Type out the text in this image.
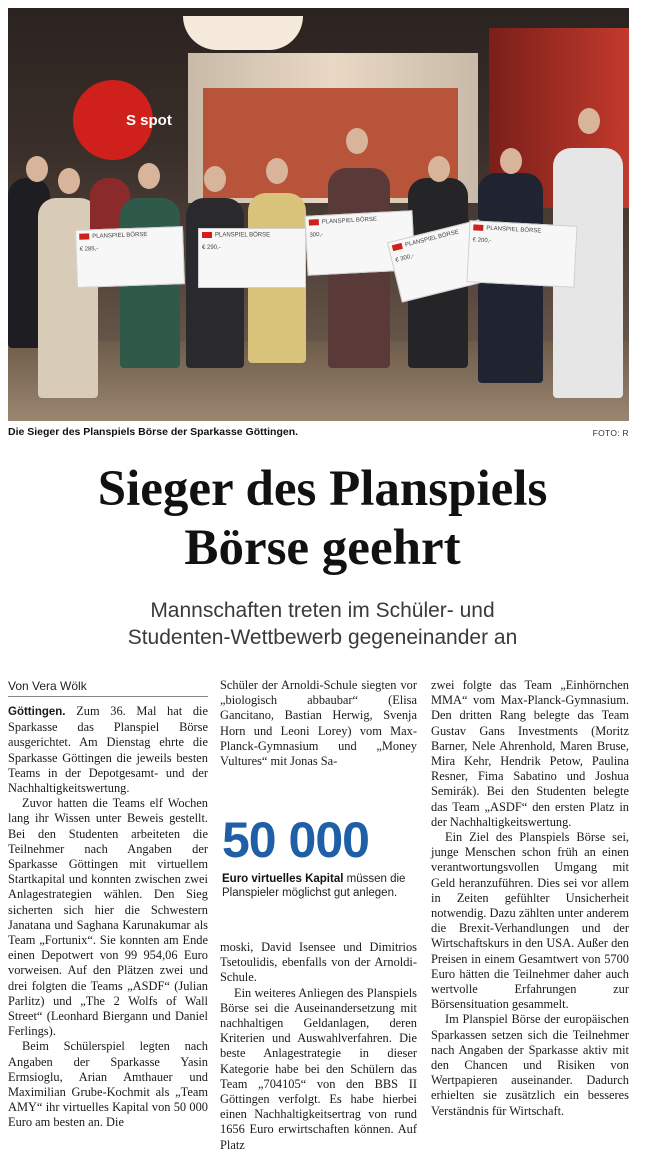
S spot
PLANSPIEL BÖRSE

€ 285,-
PLANSPIEL BÖRSE

€ 290,-
PLANSPIEL BÖRSE

300,-	PLANSPIEL BÖRSE

€ 300,-
PLANSPIEL BÖRSE

€ 200,-
Die Sieger des Planspiels Börse der Sparkasse Göttingen.	FOTO: R
Sieger des Planspiels
Börse geehrt
Mannschaften treten im Schüler- und
Studenten-Wettbewerb gegeneinander an
Von Vera Wölk

Göttingen. Zum 36. Mal hat die Sparkasse das Planspiel Börse ausgerichtet. Am Dienstag ehrte die Sparkasse Göttingen die jeweils besten Teams in der Depotgesamt- und der Nachhaltigkeitswertung.

Zuvor hatten die Teams elf Wochen lang ihr Wissen unter Beweis gestellt. Bei den Studenten arbeiteten die Teilnehmer nach Angaben der Sparkasse Göttingen mit virtuellem Startkapital und konnten zwischen zwei Anlagestrategien wählen. Den Sieg sicherten sich hier die Schwestern Janatana und Saghana Karunakumar als Team „Fortunix“. Sie konnten am Ende einen Depotwert von 99 954,06 Euro vorweisen. Auf den Plätzen zwei und drei folgten die Teams „ASDF“ (Julian Parlitz) und „The 2 Wolfs of Wall Street“ (Leonhard Biergann und Daniel Ferlings).

Beim Schülerspiel legten nach Angaben der Sparkasse Yasin Ermsioglu, Arian Amthauer und Maximilian Grube-Kochmit als „Team AMY“ ihr virtuelles Kapital von 50 000 Euro am besten an. Die

Schüler der Arnoldi-Schule siegten vor „biologisch abbaubar“ (Elisa Gancitano, Bastian Herwig, Svenja Horn und Leoni Lorey) vom Max-Planck-Gymnasium und „Money Vultures“ mit Jonas Sa-

50 000
Euro virtuelles Kapital müssen die Planspieler möglichst gut anlegen.

moski, David Isensee und Dimitrios Tsetoulidis, ebenfalls von der Arnoldi-Schule.

Ein weiteres Anliegen des Planspiels Börse sei die Auseinandersetzung mit nachhaltigen Geldanlagen, deren Kriterien und Auswahlverfahren. Die beste Anlagestrategie in dieser Kategorie habe bei den Schülern das Team „704105“ von den BBS II Göttingen verfolgt. Es habe hierbei einen Nachhaltigkeitsertrag von rund 1656 Euro erwirtschaften können. Auf Platz

zwei folgte das Team „Einhörnchen MMA“ vom Max-Planck-Gymnasium. Den dritten Rang belegte das Team Gustav Gans Investments (Moritz Barner, Nele Ahrenhold, Maren Bruse, Mira Kehr, Hendrik Petow, Paulina Resner, Fima Sabatino und Joshua Semirák). Bei den Studenten belegte das Team „ASDF“ den ersten Platz in der Nachhaltigkeitswertung.

Ein Ziel des Planspiels Börse sei, junge Menschen schon früh an einen verantwortungsvollen Umgang mit Geld heranzuführen. Dies sei vor allem in Zeiten gefühlter Unsicherheit notwendig. Dazu zählten unter anderem die Brexit-Verhandlungen und der Wirtschaftskurs in den USA. Außer den Preisen in einem Gesamtwert von 5700 Euro hätten die Teilnehmer daher auch wertvolle Erfahrungen zur Börsensituation gesammelt.

Im Planspiel Börse der europäischen Sparkassen setzen sich die Teilnehmer nach Angaben der Sparkasse aktiv mit den Chancen und Risiken von Wertpapieren auseinander. Dadurch erhielten sie zusätzlich ein besseres Verständnis für Wirtschaft.
